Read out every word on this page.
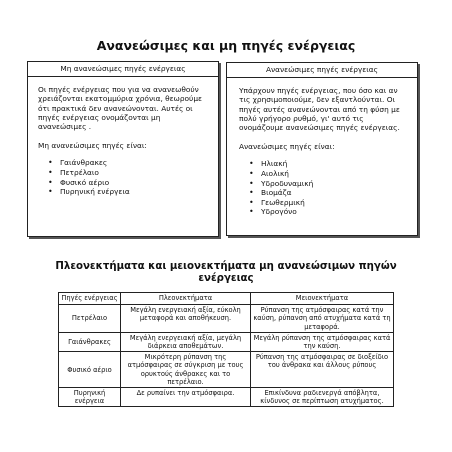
Ανανεώσιμες και μη πηγές ενέργειας
Μη ανανεώσιμες πηγές ενέργειας

Οι πηγές ενέργειας που για να ανανεωθούν χρειάζονται εκατομμύρια χρόνια, θεωρούμε ότι πρακτικά δεν ανανεώνονται. Αυτές οι πηγές ενέργειας ονομάζονται μη ανανεώσιμες .

Μη ανανεώσιμες πηγές είναι:

• Γαιάνθρακες
• Πετρέλαιο
• Φυσικό αέριο
• Πυρηνική ενέργεια
Ανανεώσιμες πηγές ενέργειας

Υπάρχουν πηγές ενέργειας, που όσο και αν τις χρησιμοποιούμε, δεν εξαντλούνται. Οι πηγές αυτές ανανεώνονται από τη φύση με πολύ γρήγορο ρυθμό, γι' αυτό τις ονομάζουμε ανανεώσιμες πηγές ενέργειας.

Ανανεώσιμες πηγές είναι:

• Ηλιακή
• Αιολική
• Υδροδυναμική
• Βιομάζα
• Γεωθερμική
• Υδρογόνο
Πλεονεκτήματα και μειονεκτήματα μη ανανεώσιμων πηγών ενέργειας
Πηγές ενέργειας	Πλεονεκτήματα	Μειονεκτήματα
Πετρέλαιο	Μεγάλη ενεργειακή αξία, εύκολη μεταφορά και αποθήκευση.	Ρύπανση της ατμόσφαιρας κατά την καύση, ρύπανση από ατυχήματα κατά τη μεταφορά.
Γαιάνθρακες	Μεγάλη ενεργειακή αξία, μεγάλη διάρκεια αποθεμάτων.	Μεγάλη ρύπανση της ατμόσφαιρας κατά την καύση.
Φυσικό αέριο	Μικρότερη ρύπανση της ατμόσφαιρας σε σύγκριση με τους ορυκτούς άνθρακες και το πετρέλαιο.	Ρύπανση της ατμόσφαιρας σε διοξείδιο του άνθρακα και άλλους ρύπους
Πυρηνική ενέργεια	Δε ρυπαίνει την ατμόσφαιρα.	Επικίνδυνα ραδιενεργά απόβλητα, κίνδυνος σε περίπτωση ατυχήματος.
